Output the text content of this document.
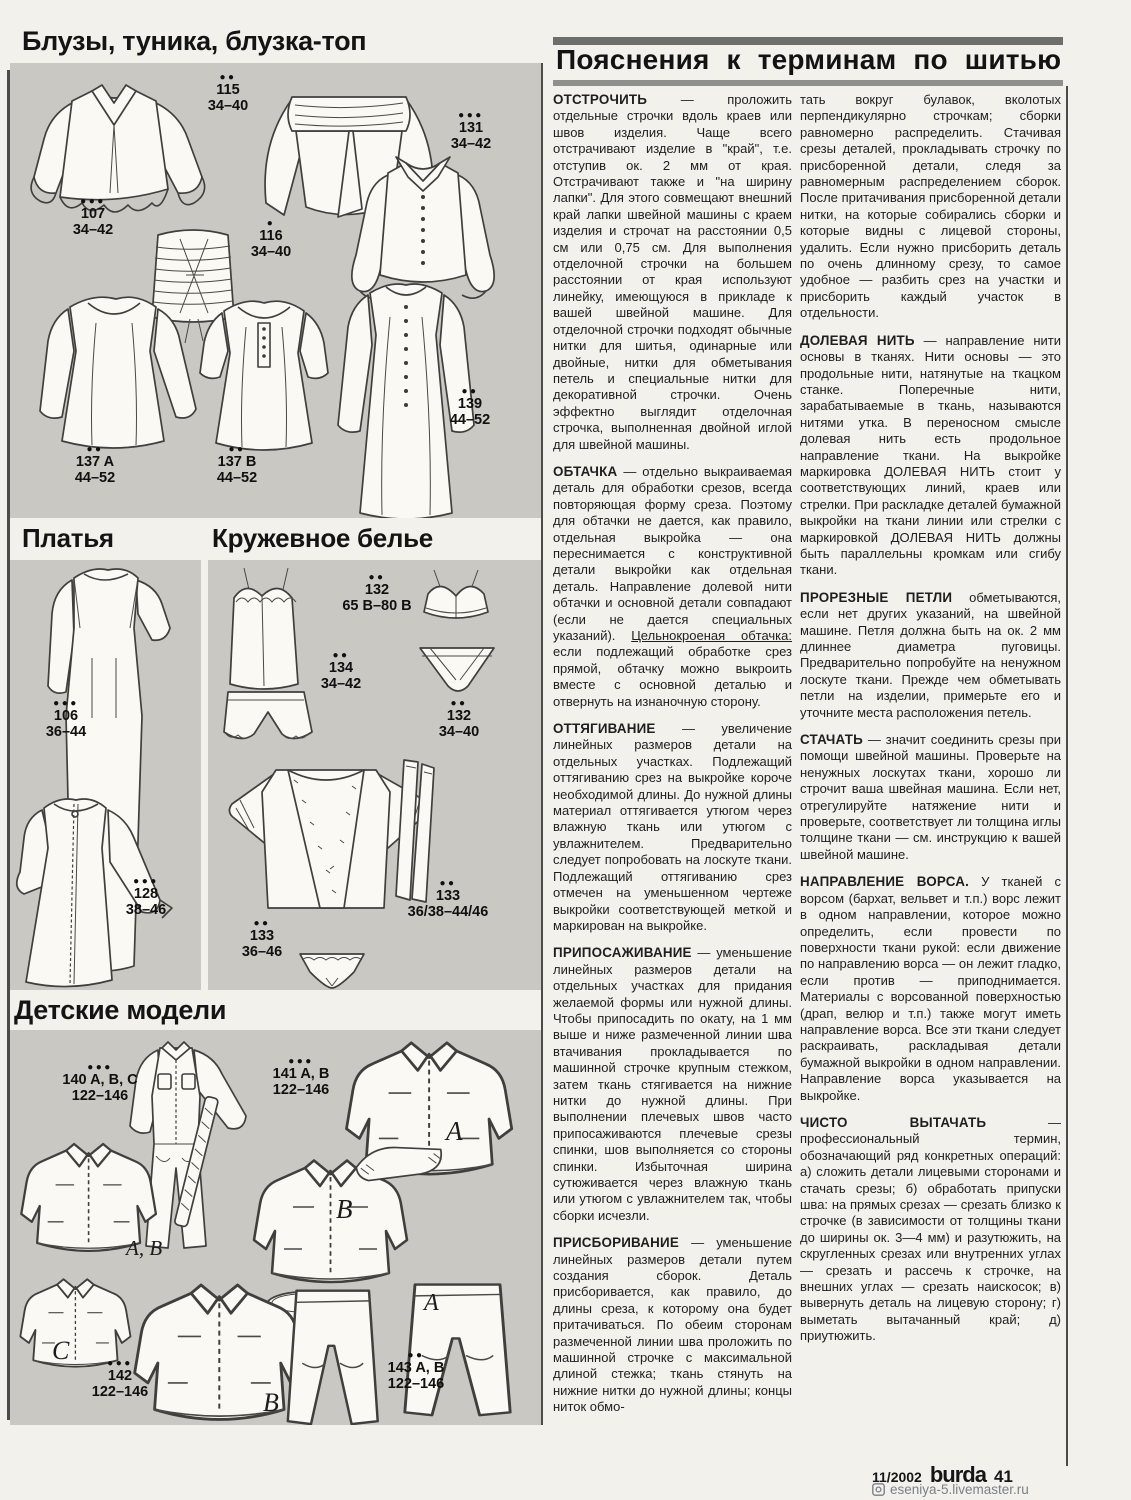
Блузы, туника, блузка-топ
Платья	Кружевное белье
Детские модели
●●
115
34–40
●●●
131
34–42
●●●
107
34–42	●
116
34–40
●●
137 A
44–52
●●
137 B
44–52
●●
139
44–52
●●●
106
36–44
●●●
128
38–46
●●
132
65 B–80 B
●●
134
34–42
●●
132
34–40
●●
133
36–46
●●
133
36/38–44/46
●●●
140 A, B, C
122–146
●●●
141 A, B
122–146
●●●
142
122–146
●●
143 A, B
122–146
A
B
A, B
C
A
B
Пояснения к терминам по шитью

ОТСТРОЧИТЬ — проложить отдельные строчки вдоль краев или швов изделия. Чаще всего отстрачивают изделие в "край", т.е. отступив ок. 2 мм от края. Отстрачивают также и "на ширину лапки". Для этого совмещают внешний край лапки швейной машины с краем изделия и строчат на расстоянии 0,5 см или 0,75 см. Для выполнения отделочной строчки на большем расстоянии от края используют линейку, имеющуюся в прикладе к вашей швейной машине. Для отделочной строчки подходят обычные нитки для шитья, одинарные или двойные, нитки для обметывания петель и специальные нитки для декоративной строчки. Очень эффектно выглядит отделочная строчка, выполненная двойной иглой для швейной машины.

ОБТАЧКА — отдельно выкраиваемая деталь для обработки срезов, всегда повторяющая форму среза. Поэтому для обтачки не дается, как правило, отдельная выкройка — она переснимается с конструктивной детали выкройки как отдельная деталь. Направление долевой нити обтачки и основной детали совпадают (если не дается специальных указаний). Цельнокроеная обтачка: если подлежащий обработке срез прямой, обтачку можно выкроить вместе с основной деталью и отвернуть на изнаночную сторону.

ОТТЯГИВАНИЕ — увеличение линейных размеров детали на отдельных участках. Подлежащий оттягиванию срез на выкройке короче необходимой длины. До нужной длины материал оттягивается утюгом через влажную ткань или утюгом с увлажнителем. Предварительно следует попробовать на лоскуте ткани. Подлежащий оттягиванию срез отмечен на уменьшенном чертеже выкройки соответствующей меткой и маркирован на выкройке.

ПРИПОСАЖИВАНИЕ — уменьшение линейных размеров детали на отдельных участках для придания желаемой формы или нужной длины. Чтобы припосадить по окату, на 1 мм выше и ниже размеченной линии шва втачивания прокладывается по машинной строчке крупным стежком, затем ткань стягивается на нижние нитки до нужной длины. При выполнении плечевых швов часто припосаживаются плечевые срезы спинки, шов выполняется со стороны спинки. Избыточная ширина сутюживается через влажную ткань или утюгом с увлажнителем так, чтобы сборки исчезли.

ПРИСБОРИВАНИЕ — уменьшение линейных размеров детали путем создания сборок. Деталь присборивается, как правило, до длины среза, к которому она будет притачиваться. По обеим сторонам размеченной линии шва проложить по машинной строчке с максимальной длиной стежка; ткань стянуть на нижние нитки до нужной длины; концы ниток обмо-

тать вокруг булавок, вколотых перпендикулярно строчкам; сборки равномерно распределить. Стачивая срезы деталей, прокладывать строчку по присборенной детали, следя за равномерным распределением сборок. После притачивания присборенной детали нитки, на которые собирались сборки и которые видны с лицевой стороны, удалить. Если нужно присборить деталь по очень длинному срезу, то самое удобное — разбить срез на участки и присборить каждый участок в отдельности.

ДОЛЕВАЯ НИТЬ — направление нити основы в тканях. Нити основы — это продольные нити, натянутые на ткацком станке. Поперечные нити, зарабатываемые в ткань, называются нитями утка. В переносном смысле долевая нить есть продольное направление ткани. На выкройке маркировка ДОЛЕВАЯ НИТЬ стоит у соответствующих линий, краев или стрелки. При раскладке деталей бумажной выкройки на ткани линии или стрелки с маркировкой ДОЛЕВАЯ НИТЬ должны быть параллельны кромкам или сгибу ткани.

ПРОРЕЗНЫЕ ПЕТЛИ обметываются, если нет других указаний, на швейной машине. Петля должна быть на ок. 2 мм длиннее диаметра пуговицы. Предварительно попробуйте на ненужном лоскуте ткани. Прежде чем обметывать петли на изделии, примерьте его и уточните места расположения петель.

СТАЧАТЬ — значит соединить срезы при помощи швейной машины. Проверьте на ненужных лоскутах ткани, хорошо ли строчит ваша швейная машина. Если нет, отрегулируйте натяжение нити и проверьте, соответствует ли толщина иглы толщине ткани — см. инструкцию к вашей швейной машине.

НАПРАВЛЕНИЕ ВОРСА. У тканей с ворсом (бархат, вельвет и т.п.) ворс лежит в одном направлении, которое можно определить, если провести по поверхности ткани рукой: если движение по направлению ворса — он лежит гладко, если против — приподнимается. Материалы с ворсованной поверхностью (драп, велюр и т.п.) также могут иметь направление ворса. Все эти ткани следует раскраивать, раскладывая детали бумажной выкройки в одном направлении. Направление ворса указывается на выкройке.

ЧИСТО ВЫТАЧАТЬ — профессиональный термин, обозначающий ряд конкретных операций: а) сложить детали лицевыми сторонами и стачать срезы; б) обработать припуски шва: на прямых срезах — срезать близко к строчке (в зависимости от толщины ткани до ширины ок. 3—4 мм) и разутюжить, на скругленных срезах или внутренних углах — срезать и рассечь к строчке, на внешних углах — срезать наискосок; в) вывернуть деталь на лицевую сторону; г) выметать вытачанный край; д) приутюжить.

11/2002 burda 41
eseniya-5.livemaster.ru
